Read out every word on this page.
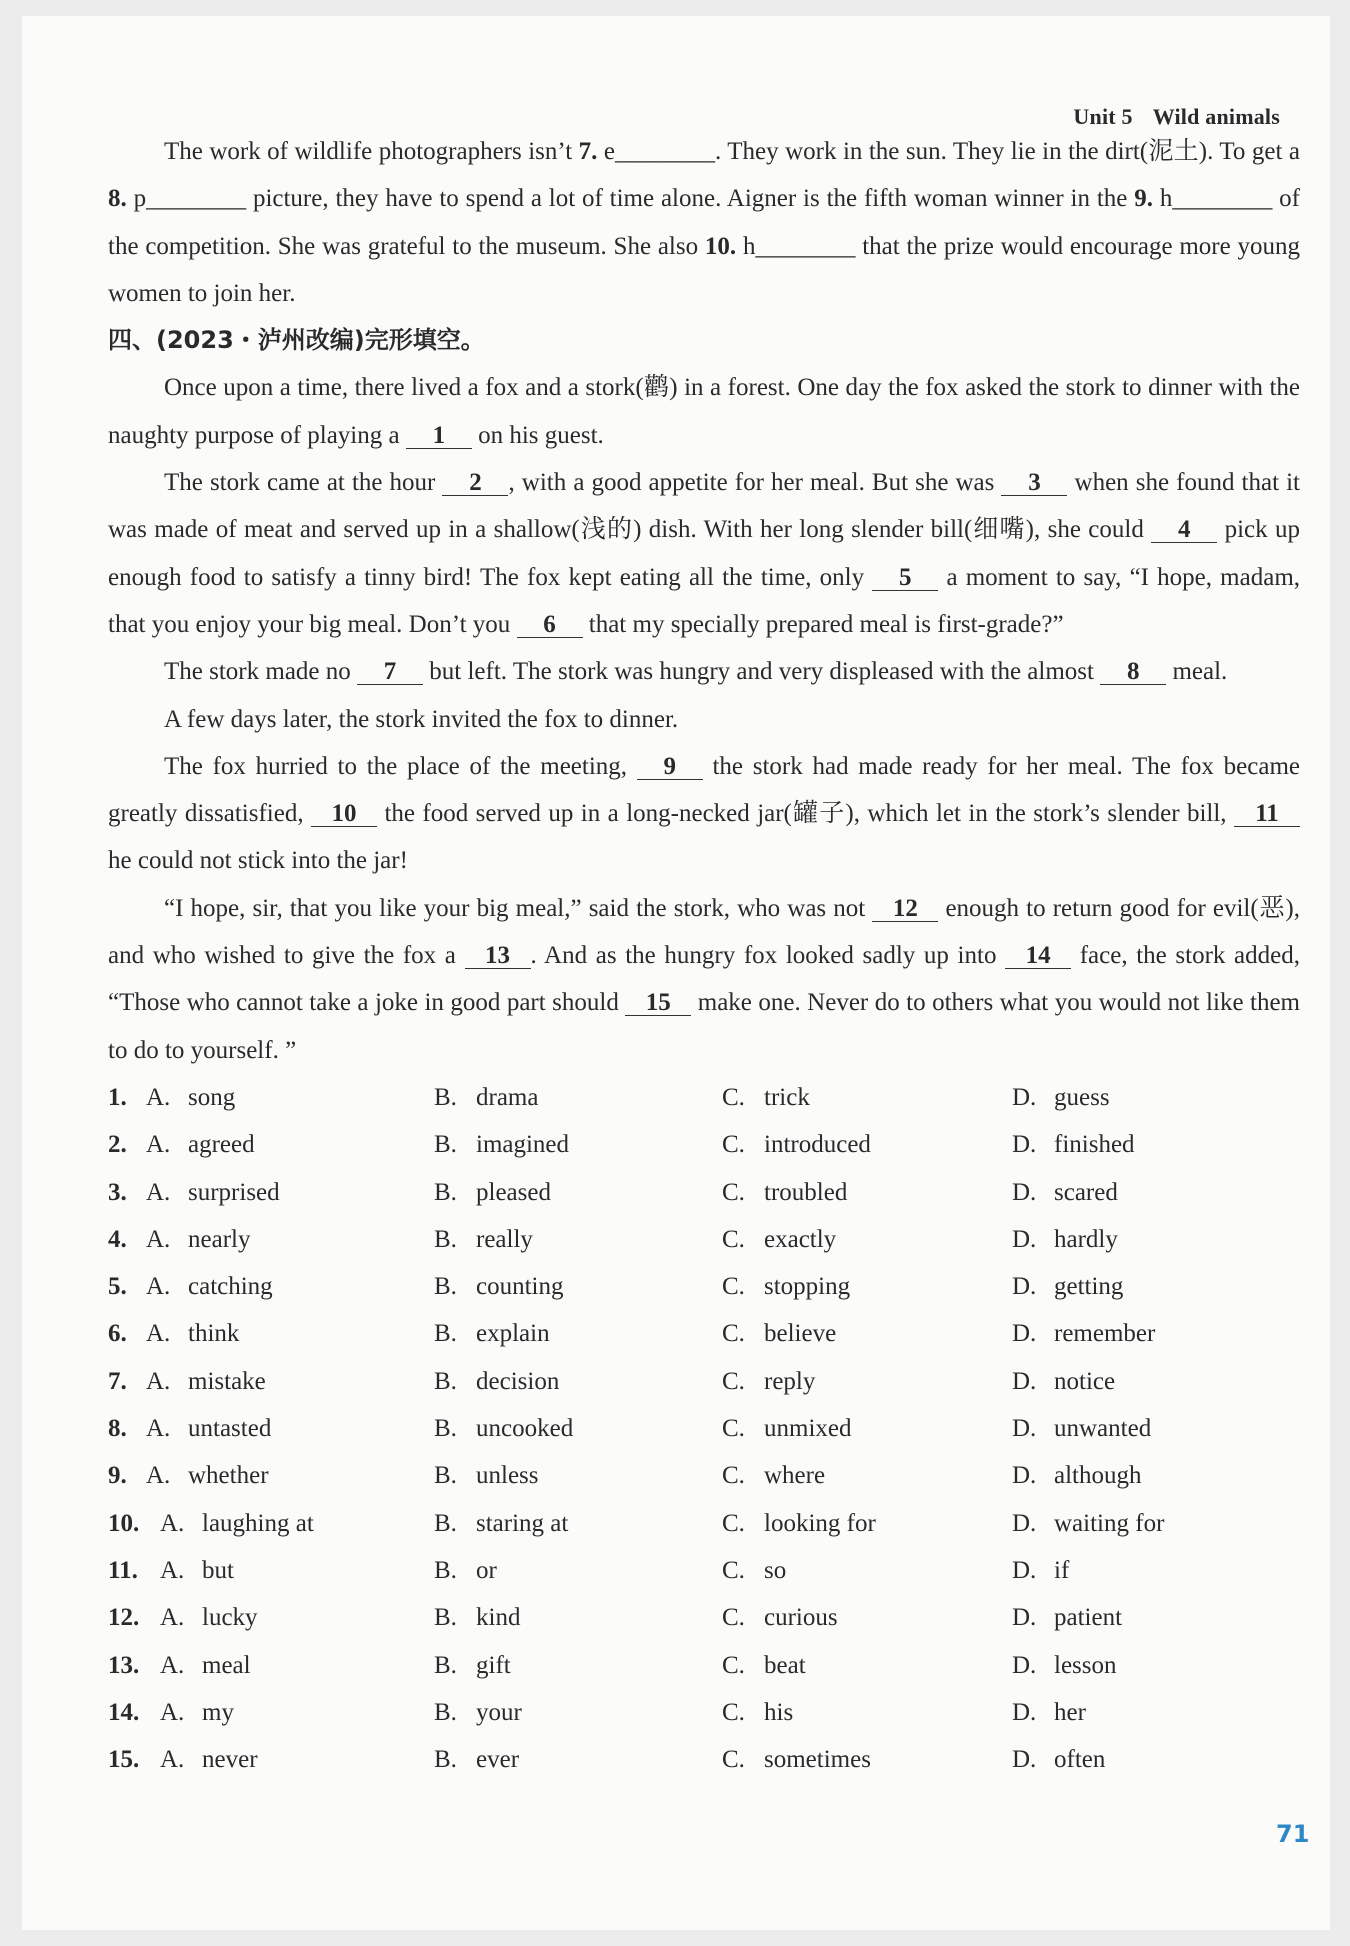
Unit 5 Wild animals

The work of wildlife photographers isn’t 7. e________. They work in the sun. They lie in the dirt(泥土). To get a 8. p________ picture, they have to spend a lot of time alone. Aigner is the fifth woman winner in the 9. h________ of the competition. She was grateful to the museum. She also 10. h________ that the prize would encourage more young women to join her.

四、(2023・泸州改编)完形填空。

Once upon a time, there lived a fox and a stork(鹳) in a forest. One day the fox asked the stork to dinner with the naughty purpose of playing a 1 on his guest.

The stork came at the hour 2 , with a good appetite for her meal. But she was 3 when she found that it was made of meat and served up in a shallow(浅的) dish. With her long slender bill(细嘴), she could 4 pick up enough food to satisfy a tinny bird! The fox kept eating all the time, only 5 a moment to say, “I hope, madam, that you enjoy your big meal. Don’t you 6 that my specially prepared meal is first-grade?”

The stork made no 7 but left. The stork was hungry and very displeased with the almost 8 meal.

A few days later, the stork invited the fox to dinner.

The fox hurried to the place of the meeting, 9 the stork had made ready for her meal. The fox became greatly dissatisfied, 10 the food served up in a long-necked jar(罐子), which let in the stork’s slender bill, 11 he could not stick into the jar!

“I hope, sir, that you like your big meal,” said the stork, who was not 12 enough to return good for evil(恶), and who wished to give the fox a 13 . And as the hungry fox looked sadly up into 14 face, the stork added, “Those who cannot take a joke in good part should 15 make one. Never do to others what you would not like them to do to yourself. ”

1. A. song	B. drama	C. trick	D. guess
2. A. agreed	B. imagined	C. introduced	D. finished
3. A. surprised	B. pleased	C. troubled	D. scared
4. A. nearly	B. really	C. exactly	D. hardly
5. A. catching	B. counting	C. stopping	D. getting
6. A. think	B. explain	C. believe	D. remember
7. A. mistake	B. decision	C. reply	D. notice
8. A. untasted	B. uncooked	C. unmixed	D. unwanted
9. A. whether	B. unless	C. where	D. although
10. A. laughing at	B. staring at	C. looking for	D. waiting for
11. A. but	B. or	C. so	D. if
12. A. lucky	B. kind	C. curious	D. patient
13. A. meal	B. gift	C. beat	D. lesson
14. A. my	B. your	C. his	D. her
15. A. never	B. ever	C. sometimes	D. often
71
